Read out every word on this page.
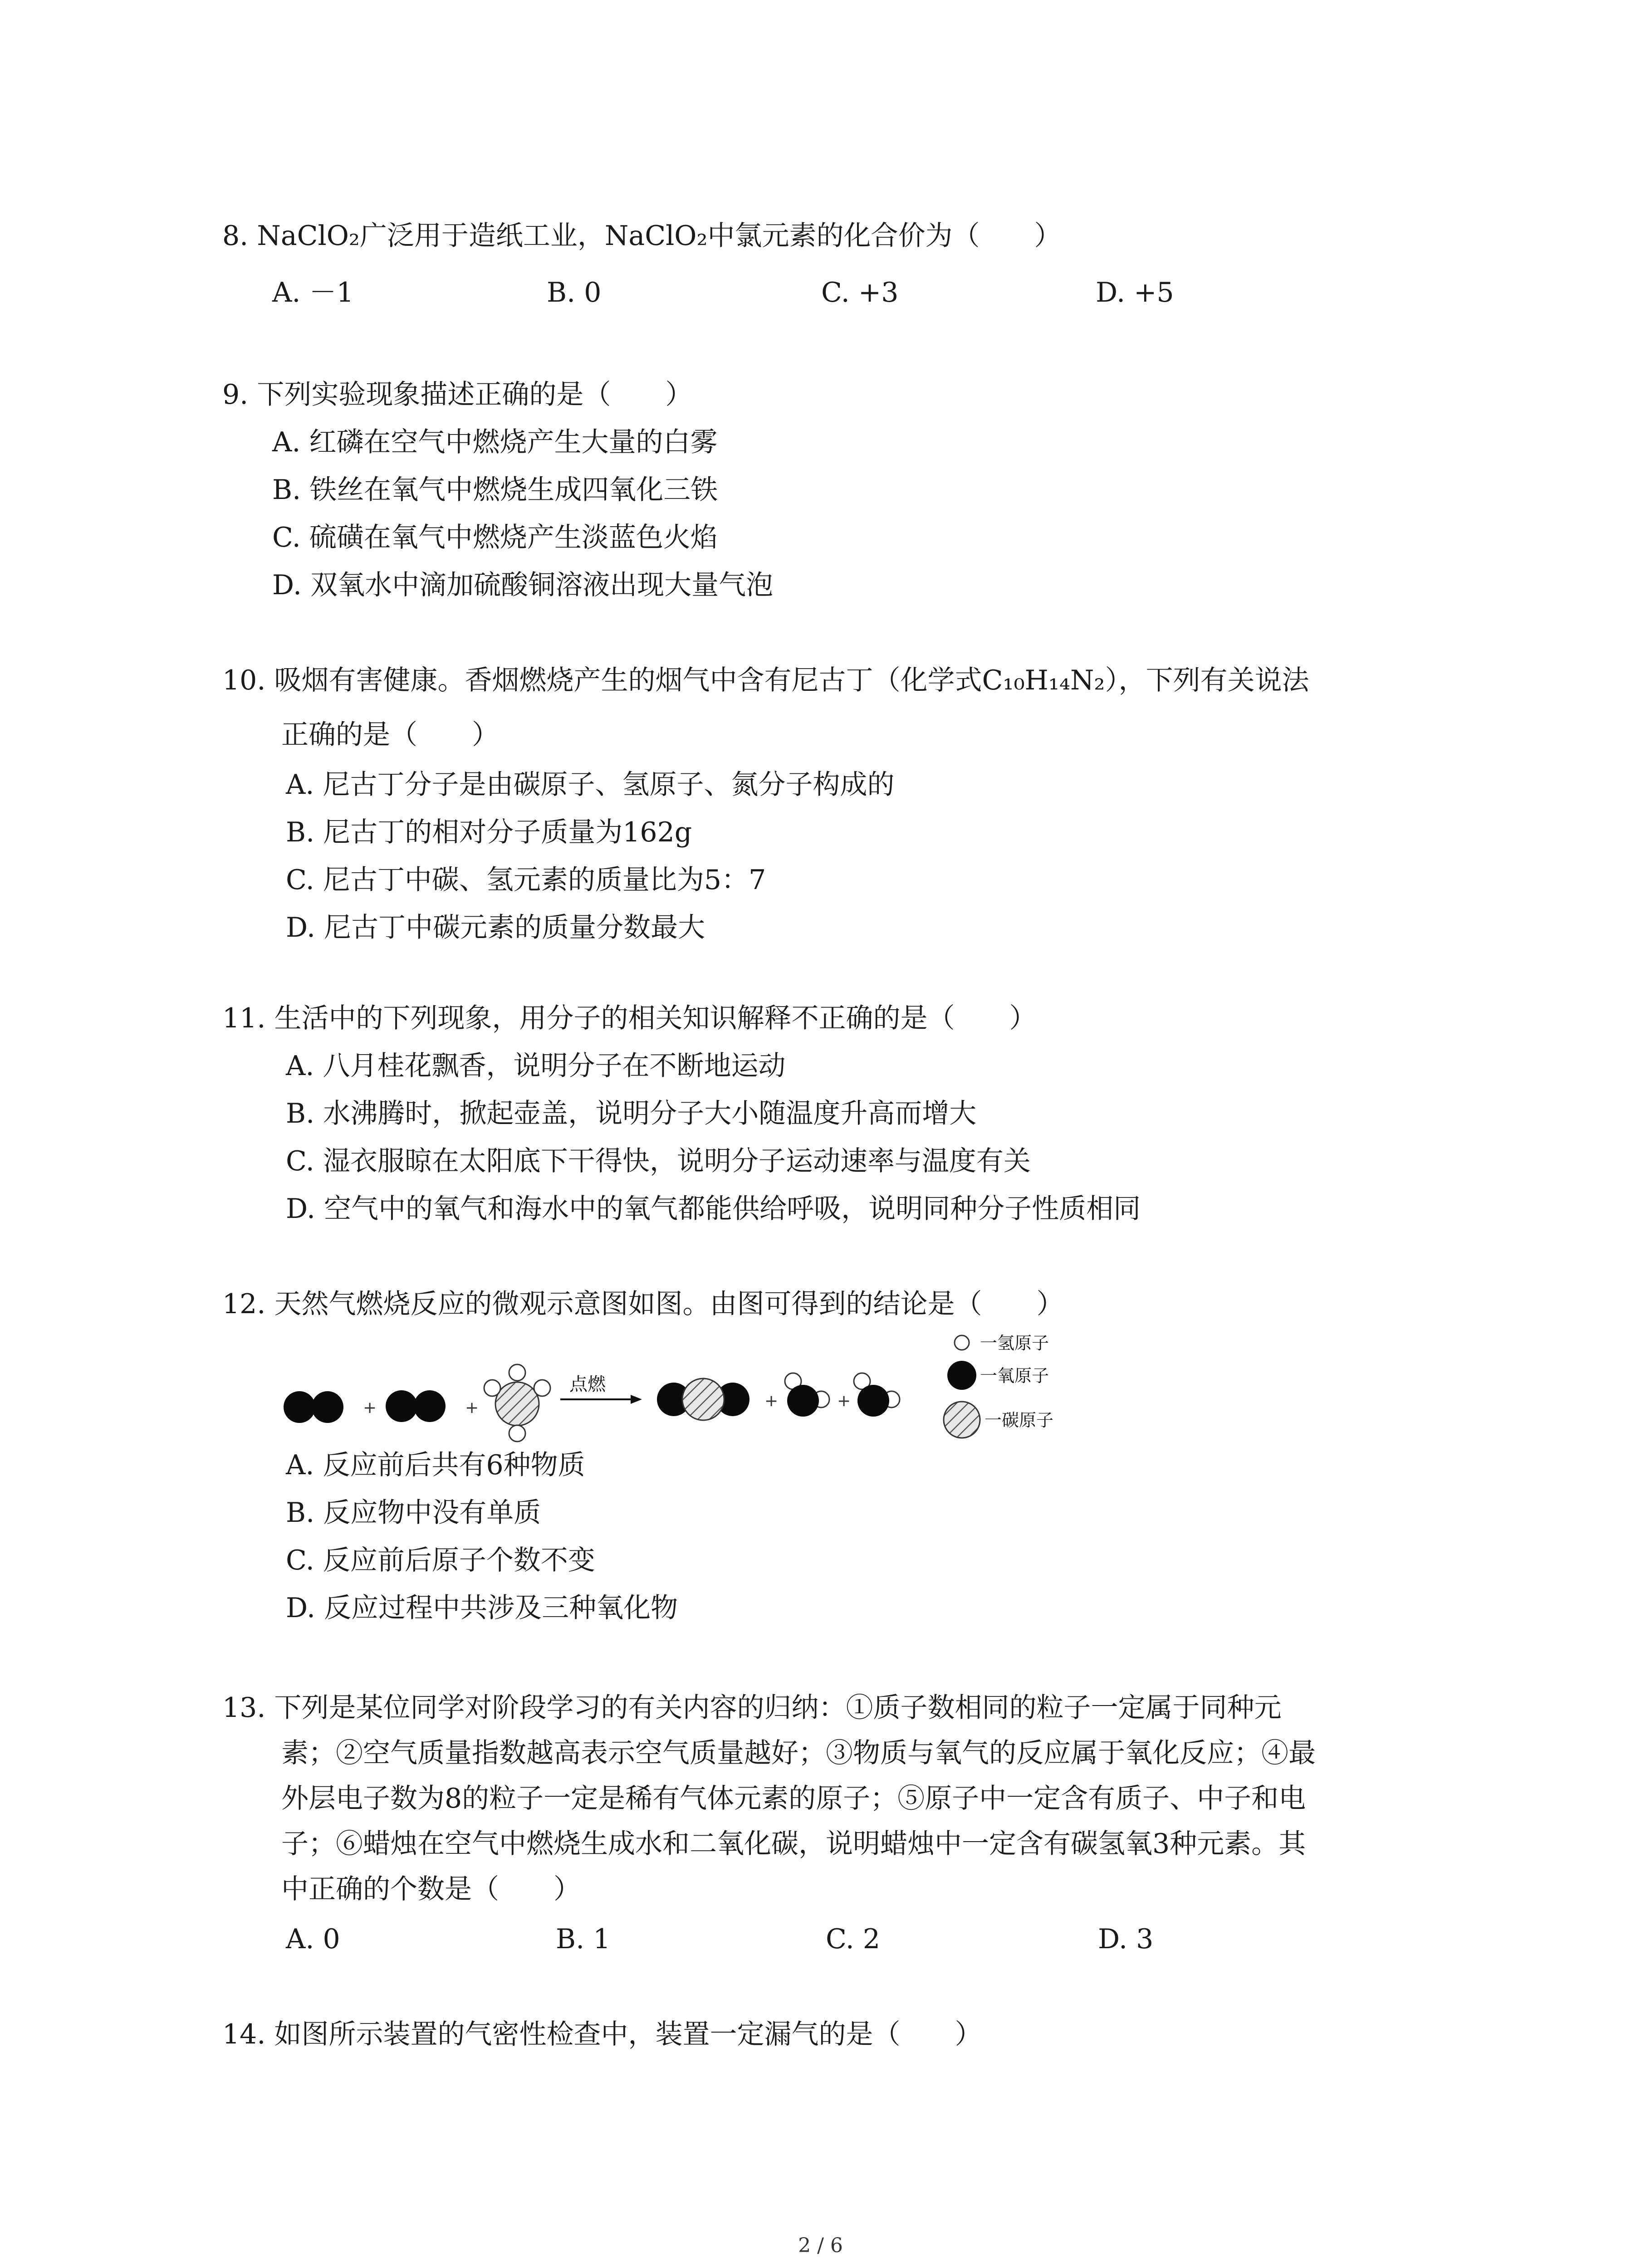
8. NaClO₂广泛用于造纸工业，NaClO₂中氯元素的化合价为（　　）
A. －1	B. 0	C. +3	D. +5
9. 下列实验现象描述正确的是（　　）
A. 红磷在空气中燃烧产生大量的白雾
B. 铁丝在氧气中燃烧生成四氧化三铁
C. 硫磺在氧气中燃烧产生淡蓝色火焰
D. 双氧水中滴加硫酸铜溶液出现大量气泡
10. 吸烟有害健康。香烟燃烧产生的烟气中含有尼古丁（化学式C₁₀H₁₄N₂），下列有关说法
正确的是（　　）
A. 尼古丁分子是由碳原子、氢原子、氮分子构成的
B. 尼古丁的相对分子质量为162g
C. 尼古丁中碳、氢元素的质量比为5：7
D. 尼古丁中碳元素的质量分数最大
11. 生活中的下列现象，用分子的相关知识解释不正确的是（　　）
A. 八月桂花飘香，说明分子在不断地运动
B. 水沸腾时，掀起壶盖，说明分子大小随温度升高而增大
C. 湿衣服晾在太阳底下干得快，说明分子运动速率与温度有关
D. 空气中的氧气和海水中的氧气都能供给呼吸，说明同种分子性质相同
12. 天然气燃烧反应的微观示意图如图。由图可得到的结论是（　　）
+	+
点燃
+	+
一氢原子
一氧原子
一碳原子
A. 反应前后共有6种物质
B. 反应物中没有单质
C. 反应前后原子个数不变
D. 反应过程中共涉及三种氧化物
13. 下列是某位同学对阶段学习的有关内容的归纳：①质子数相同的粒子一定属于同种元
素；②空气质量指数越高表示空气质量越好；③物质与氧气的反应属于氧化反应；④最
外层电子数为8的粒子一定是稀有气体元素的原子；⑤原子中一定含有质子、中子和电
子；⑥蜡烛在空气中燃烧生成水和二氧化碳，说明蜡烛中一定含有碳氢氧3种元素。其
中正确的个数是（　　）
A. 0	B. 1	C. 2	D. 3
14. 如图所示装置的气密性检查中，装置一定漏气的是（　　）
2 / 6
